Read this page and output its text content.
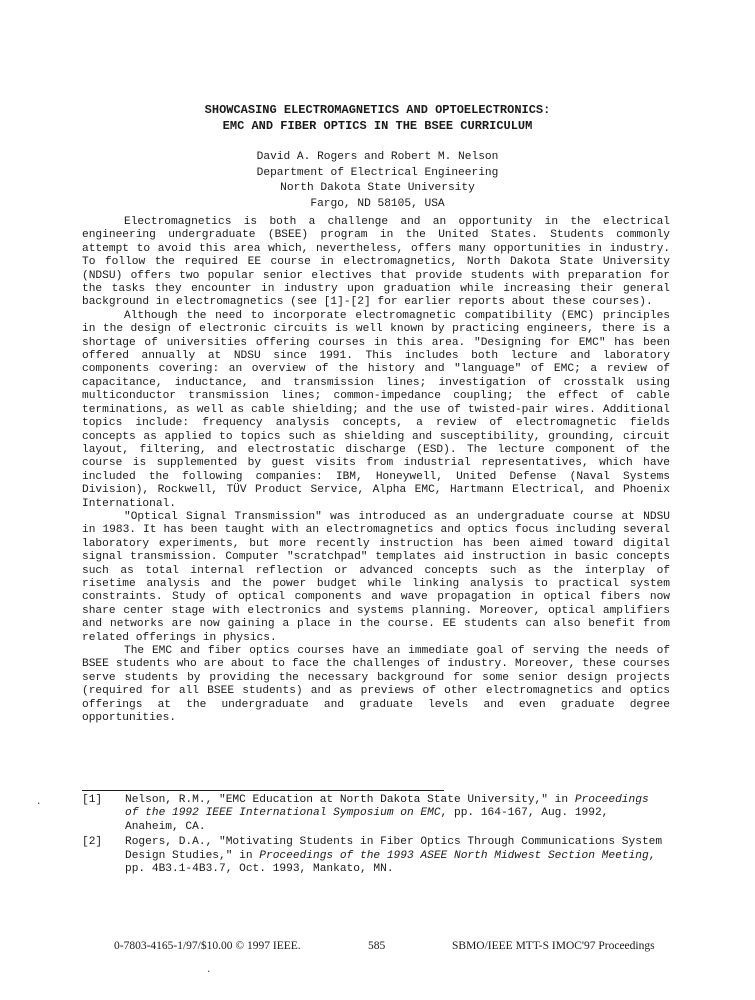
SHOWCASING ELECTROMAGNETICS AND OPTOELECTRONICS:
EMC AND FIBER OPTICS IN THE BSEE CURRICULUM
David A. Rogers and Robert M. Nelson
Department of Electrical Engineering
North Dakota State University
Fargo, ND 58105, USA

Electromagnetics is both a challenge and an opportunity in the electrical engineering undergraduate (BSEE) program in the United States. Students commonly attempt to avoid this area which, nevertheless, offers many opportunities in industry. To follow the required EE course in electromagnetics, North Dakota State University (NDSU) offers two popular senior electives that provide students with preparation for the tasks they encounter in industry upon graduation while increasing their general background in electromagnetics (see [1]-[2] for earlier reports about these courses).

Although the need to incorporate electromagnetic compatibility (EMC) principles in the design of electronic circuits is well known by practicing engineers, there is a shortage of universities offering courses in this area. "Designing for EMC" has been offered annually at NDSU since 1991. This includes both lecture and laboratory components covering: an overview of the history and "language" of EMC; a review of capacitance, inductance, and transmission lines; investigation of crosstalk using multiconductor transmission lines; common-impedance coupling; the effect of cable terminations, as well as cable shielding; and the use of twisted-pair wires. Additional topics include: frequency analysis concepts, a review of electromagnetic fields concepts as applied to topics such as shielding and susceptibility, grounding, circuit layout, filtering, and electrostatic discharge (ESD). The lecture component of the course is supplemented by guest visits from industrial representatives, which have included the following companies: IBM, Honeywell, United Defense (Naval Systems Division), Rockwell, TÜV Product Service, Alpha EMC, Hartmann Electrical, and Phoenix International.

"Optical Signal Transmission" was introduced as an undergraduate course at NDSU in 1983. It has been taught with an electromagnetics and optics focus including several laboratory experiments, but more recently instruction has been aimed toward digital signal transmission. Computer "scratchpad" templates aid instruction in basic concepts such as total internal reflection or advanced concepts such as the interplay of risetime analysis and the power budget while linking analysis to practical system constraints. Study of optical components and wave propagation in optical fibers now share center stage with electronics and systems planning. Moreover, optical amplifiers and networks are now gaining a place in the course. EE students can also benefit from related offerings in physics.

The EMC and fiber optics courses have an immediate goal of serving the needs of BSEE students who are about to face the challenges of industry. Moreover, these courses serve students by providing the necessary background for some senior design projects (required for all BSEE students) and as previews of other electromagnetics and optics offerings at the undergraduate and graduate levels and even graduate degree opportunities.

[1] Nelson, R.M., "EMC Education at North Dakota State University," in Proceedings of the 1992 IEEE International Symposium on EMC, pp. 164-167, Aug. 1992, Anaheim, CA.
[2] Rogers, D.A., "Motivating Students in Fiber Optics Through Communications System Design Studies," in Proceedings of the 1993 ASEE North Midwest Section Meeting, pp. 4B3.1-4B3.7, Oct. 1993, Mankato, MN.
0-7803-4165-1/97/$10.00 © 1997 IEEE.	585	SBMO/IEEE MTT-S IMOC'97 Proceedings
·
·
